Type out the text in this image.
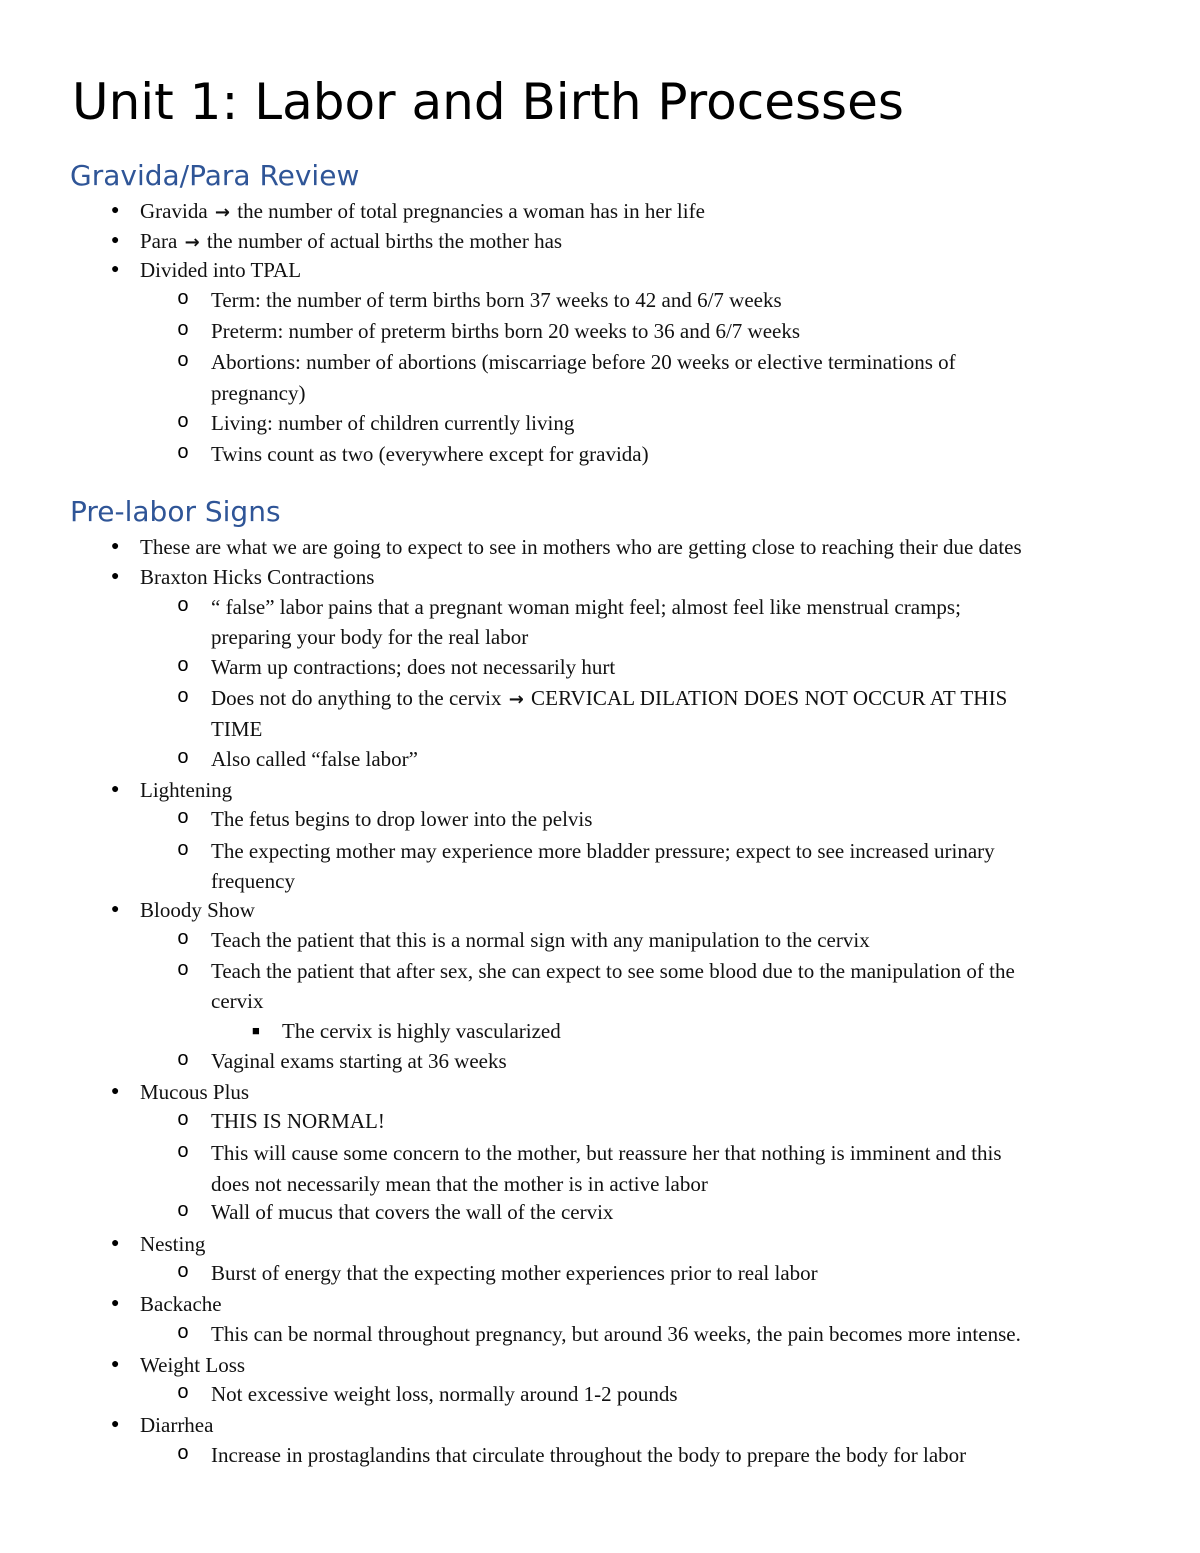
Unit 1: Labor and Birth Processes
Gravida/Para Review
● Gravida → the number of total pregnancies a woman has in her life
● Para → the number of actual births the mother has
● Divided into TPAL
o Term: the number of term births born 37 weeks to 42 and 6/7 weeks
o Preterm: number of preterm births born 20 weeks to 36 and 6/7 weeks
o Abortions: number of abortions (miscarriage before 20 weeks or elective terminations of
pregnancy)
o Living: number of children currently living
o Twins count as two (everywhere except for gravida)
Pre-labor Signs
● These are what we are going to expect to see in mothers who are getting close to reaching their due dates
● Braxton Hicks Contractions
o “ false” labor pains that a pregnant woman might feel; almost feel like menstrual cramps;
preparing your body for the real labor
o Warm up contractions; does not necessarily hurt
o Does not do anything to the cervix → CERVICAL DILATION DOES NOT OCCUR AT THIS
TIME
o Also called “false labor”
● Lightening
o The fetus begins to drop lower into the pelvis
o The expecting mother may experience more bladder pressure; expect to see increased urinary
frequency
● Bloody Show
o Teach the patient that this is a normal sign with any manipulation to the cervix
o Teach the patient that after sex, she can expect to see some blood due to the manipulation of the
cervix
■ The cervix is highly vascularized
o Vaginal exams starting at 36 weeks
● Mucous Plus
o THIS IS NORMAL!
o This will cause some concern to the mother, but reassure her that nothing is imminent and this
does not necessarily mean that the mother is in active labor
o Wall of mucus that covers the wall of the cervix
● Nesting
o Burst of energy that the expecting mother experiences prior to real labor
● Backache
o This can be normal throughout pregnancy, but around 36 weeks, the pain becomes more intense.
● Weight Loss
o Not excessive weight loss, normally around 1-2 pounds
● Diarrhea
o Increase in prostaglandins that circulate throughout the body to prepare the body for labor
